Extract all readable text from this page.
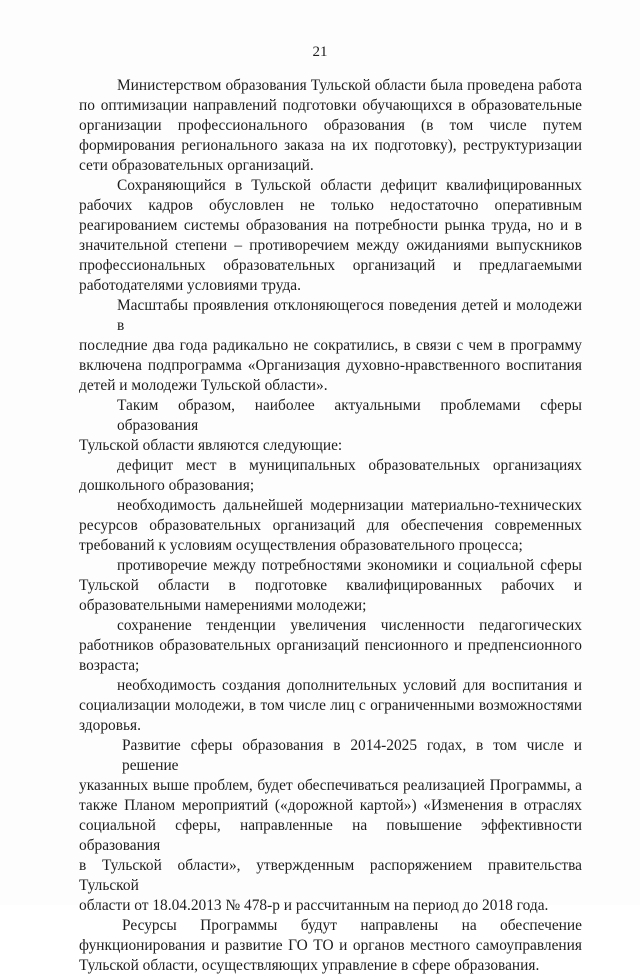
21
Министерством образования Тульской области была проведена работа
по оптимизации направлений подготовки обучающихся в образовательные
организации профессионального образования (в том числе путем
формирования регионального заказа на их подготовку), реструктуризации
сети образовательных организаций.
Сохраняющийся в Тульской области дефицит квалифицированных
рабочих кадров обусловлен не только недостаточно оперативным
реагированием системы образования на потребности рынка труда, но и в
значительной степени – противоречием между ожиданиями выпускников
профессиональных образовательных организаций и предлагаемыми
работодателями условиями труда.
Масштабы проявления отклоняющегося поведения детей и молодежи в
последние два года радикально не сократились, в связи с чем в программу
включена подпрограмма «Организация духовно-нравственного воспитания
детей и молодежи Тульской области».
Таким образом, наиболее актуальными проблемами сферы образования
Тульской области являются следующие:
дефицит мест в муниципальных образовательных организациях
дошкольного образования;
необходимость дальнейшей модернизации материально-технических
ресурсов образовательных организаций для обеспечения современных
требований к условиям осуществления образовательного процесса;
противоречие между потребностями экономики и социальной сферы
Тульской области в подготовке квалифицированных рабочих и
образовательными намерениями молодежи;
сохранение тенденции увеличения численности педагогических
работников образовательных организаций пенсионного и предпенсионного
возраста;
необходимость создания дополнительных условий для воспитания и
социализации молодежи, в том числе лиц с ограниченными возможностями
здоровья.
Развитие сферы образования в 2014-2025 годах, в том числе и решение
указанных выше проблем, будет обеспечиваться реализацией Программы, а
также Планом мероприятий («дорожной картой») «Изменения в отраслях
социальной сферы, направленные на повышение эффективности образования
в Тульской области», утвержденным распоряжением правительства Тульской
области от 18.04.2013 № 478-р и рассчитанным на период до 2018 года.
Ресурсы Программы будут направлены на обеспечение
функционирования и развитие ГО ТО и органов местного самоуправления
Тульской области, осуществляющих управление в сфере образования.
